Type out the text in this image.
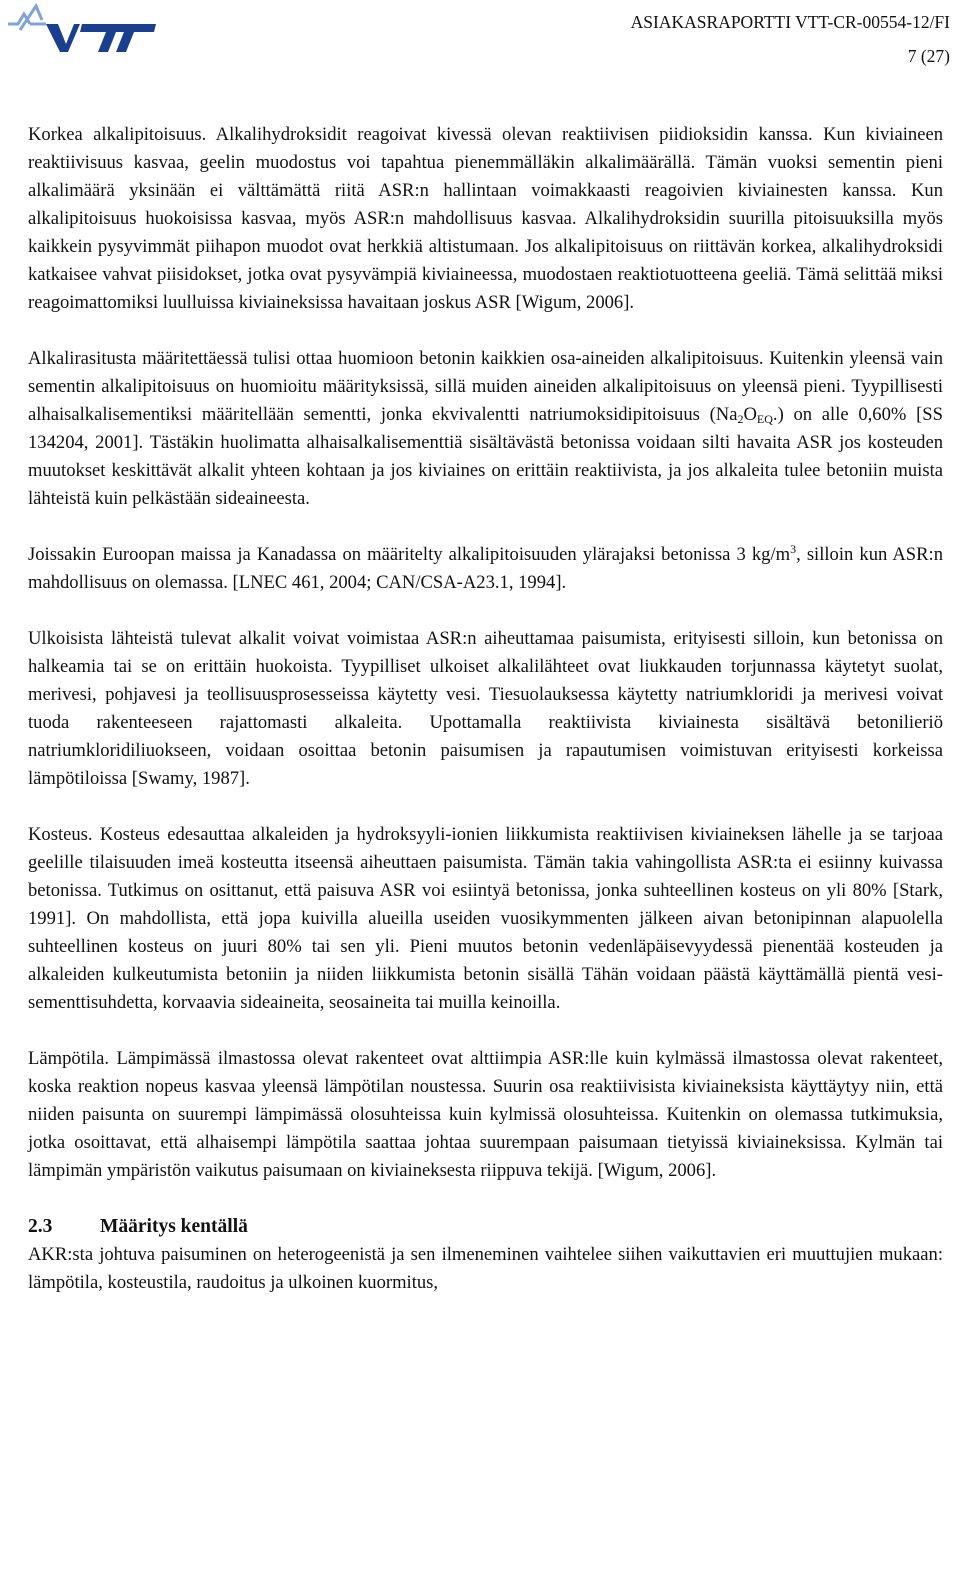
ASIAKASRAPORTTI VTT-CR-00554-12/FI
7 (27)

Korkea alkalipitoisuus. Alkalihydroksidit reagoivat kivessä olevan reaktiivisen piidioksidin kanssa. Kun kiviaineen reaktiivisuus kasvaa, geelin muodostus voi tapahtua pienemmälläkin alkalimäärällä. Tämän vuoksi sementin pieni alkalimäärä yksinään ei välttämättä riitä ASR:n hallintaan voimakkaasti reagoivien kiviainesten kanssa. Kun alkalipitoisuus huokoisissa kasvaa, myös ASR:n mahdollisuus kasvaa. Alkalihydroksidin suurilla pitoisuuksilla myös kaikkein pysyvimmät piihapon muodot ovat herkkiä altistumaan. Jos alkalipitoisuus on riittävän korkea, alkalihydroksidi katkaisee vahvat piisidokset, jotka ovat pysyvämpiä kiviaineessa, muodostaen reaktiotuotteena geeliä. Tämä selittää miksi reagoimattomiksi luulluissa kiviaineksissa havaitaan joskus ASR [Wigum, 2006].

Alkalirasitusta määritettäessä tulisi ottaa huomioon betonin kaikkien osa-aineiden alkalipitoisuus. Kuitenkin yleensä vain sementin alkalipitoisuus on huomioitu määrityksissä, sillä muiden aineiden alkalipitoisuus on yleensä pieni. Tyypillisesti alhaisalkalisementiksi määritellään sementti, jonka ekvivalentti natriumoksidipitoisuus $(Na_2O_{EQ}.)$ on alle 0,60% [SS 134204, 2001]. Tästäkin huolimatta alhaisalkalisementtiä sisältävästä betonissa voidaan silti havaita ASR jos kosteuden muutokset keskittävät alkalit yhteen kohtaan ja jos kiviaines on erittäin reaktiivista, ja jos alkaleita tulee betoniin muista lähteistä kuin pelkästään sideaineesta.

Joissakin Euroopan maissa ja Kanadassa on määritelty alkalipitoisuuden ylärajaksi betonissa 3 $kg/m^3$, silloin kun ASR:n mahdollisuus on olemassa. [LNEC 461, 2004; CAN/CSA-A23.1, 1994].

Ulkoisista lähteistä tulevat alkalit voivat voimistaa ASR:n aiheuttamaa paisumista, erityisesti silloin, kun betonissa on halkeamia tai se on erittäin huokoista. Tyypilliset ulkoiset alkalilähteet ovat liukkauden torjunnassa käytetyt suolat, merivesi, pohjavesi ja teollisuusprosesseissa käytetty vesi. Tiesuolauksessa käytetty natriumkloridi ja merivesi voivat tuoda rakenteeseen rajattomasti alkaleita. Upottamalla reaktiivista kiviainesta sisältävä betonilieriö natriumkloridiliuokseen, voidaan osoittaa betonin paisumisen ja rapautumisen voimistuvan erityisesti korkeissa lämpötiloissa [Swamy, 1987].

Kosteus. Kosteus edesauttaa alkaleiden ja hydroksyyli-ionien liikkumista reaktiivisen kiviaineksen lähelle ja se tarjoaa geelille tilaisuuden imeä kosteutta itseensä aiheuttaen paisumista. Tämän takia vahingollista ASR:ta ei esiinny kuivassa betonissa. Tutkimus on osittanut, että paisuva ASR voi esiintyä betonissa, jonka suhteellinen kosteus on yli 80% [Stark, 1991]. On mahdollista, että jopa kuivilla alueilla useiden vuosikymmenten jälkeen aivan betonipinnan alapuolella suhteellinen kosteus on juuri 80% tai sen yli. Pieni muutos betonin vedenläpäisevyydessä pienentää kosteuden ja alkaleiden kulkeutumista betoniin ja niiden liikkumista betonin sisällä Tähän voidaan päästä käyttämällä pientä vesi-sementtisuhdetta, korvaavia sideaineita, seosaineita tai muilla keinoilla.

Lämpötila. Lämpimässä ilmastossa olevat rakenteet ovat alttiimpia ASR:lle kuin kylmässä ilmastossa olevat rakenteet, koska reaktion nopeus kasvaa yleensä lämpötilan noustessa. Suurin osa reaktiivisista kiviaineksista käyttäytyy niin, että niiden paisunta on suurempi lämpimässä olosuhteissa kuin kylmissä olosuhteissa. Kuitenkin on olemassa tutkimuksia, jotka osoittavat, että alhaisempi lämpötila saattaa johtaa suurempaan paisumaan tietyissä kiviaineksissa. Kylmän tai lämpimän ympäristön vaikutus paisumaan on kiviaineksesta riippuva tekijä. [Wigum, 2006].

2.3	Määritys kentällä

AKR:sta johtuva paisuminen on heterogeenistä ja sen ilmeneminen vaihtelee siihen vaikuttavien eri muuttujien mukaan: lämpötila, kosteustila, raudoitus ja ulkoinen kuormitus,
